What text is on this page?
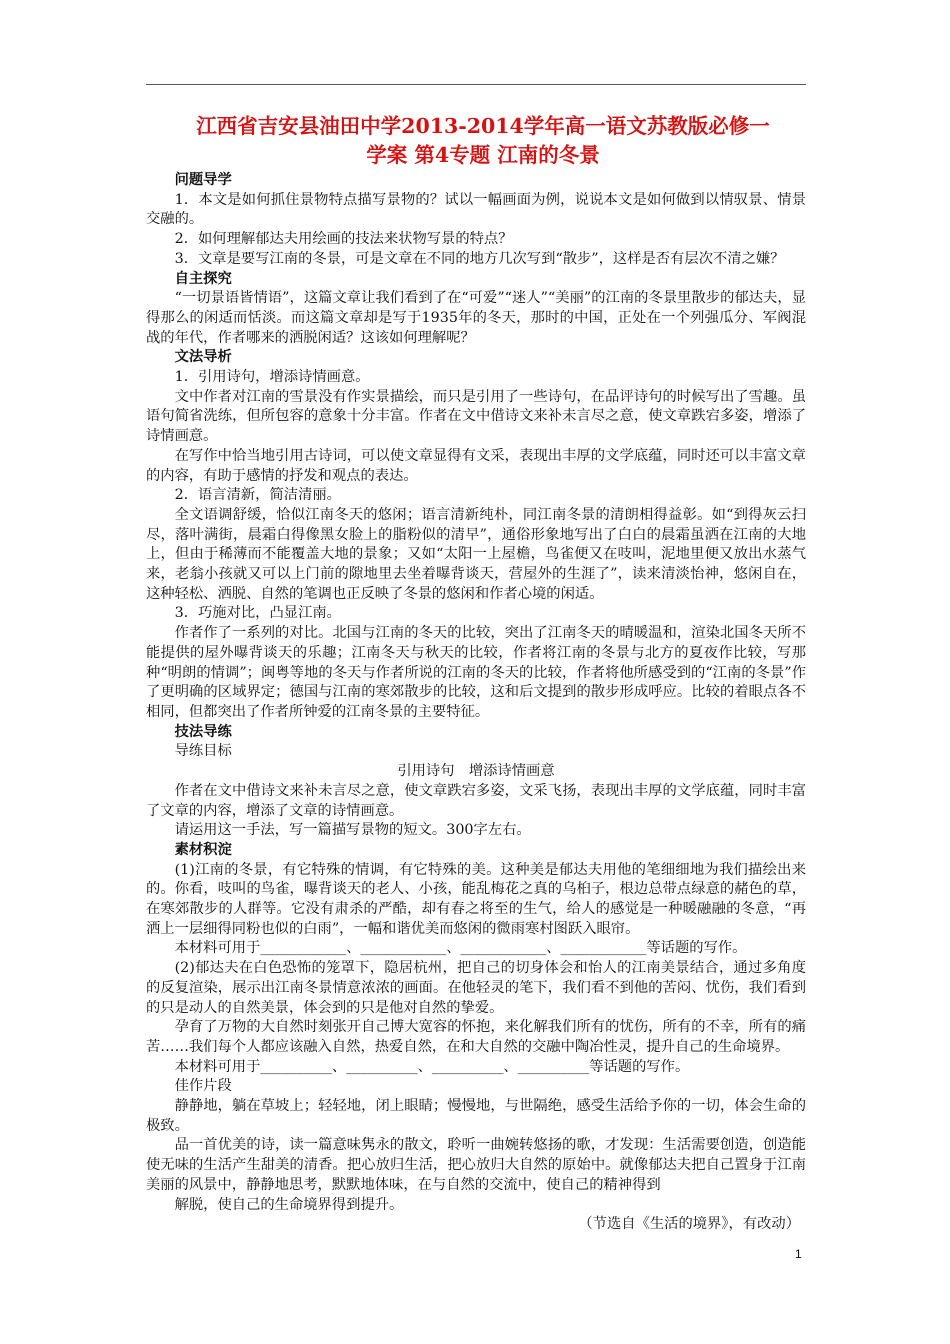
江西省吉安县油田中学2013-2014学年高一语文苏教版必修一
学案 第4专题 江南的冬景

问题导学

1．本文是如何抓住景物特点描写景物的？试以一幅画面为例，说说本文是如何做到以情驭景、情景交融的。

2．如何理解郁达夫用绘画的技法来状物写景的特点？

3．文章是要写江南的冬景，可是文章在不同的地方几次写到“散步”，这样是否有层次不清之嫌？

自主探究

“一切景语皆情语”，这篇文章让我们看到了在“可爱”“迷人”“美丽”的江南的冬景里散步的郁达夫，显得那么的闲适而恬淡。而这篇文章却是写于1935年的冬天，那时的中国，正处在一个列强瓜分、军阀混战的年代，作者哪来的洒脱闲适？这该如何理解呢？

文法导析

1．引用诗句，增添诗情画意。

文中作者对江南的雪景没有作实景描绘，而只是引用了一些诗句，在品评诗句的时候写出了雪趣。虽语句简省洗练，但所包容的意象十分丰富。作者在文中借诗文来补未言尽之意，使文章跌宕多姿，增添了诗情画意。

在写作中恰当地引用古诗词，可以使文章显得有文采，表现出丰厚的文学底蕴，同时还可以丰富文章的内容，有助于感情的抒发和观点的表达。

2．语言清新，简洁清丽。

全文语调舒缓，恰似江南冬天的悠闲；语言清新纯朴，同江南冬景的清朗相得益彰。如“到得灰云扫尽，落叶满街，晨霜白得像黑女脸上的脂粉似的清早”，通俗形象地写出了白白的晨霜虽洒在江南的大地上，但由于稀薄而不能覆盖大地的景象；又如“太阳一上屋檐，鸟雀便又在吱叫，泥地里便又放出水蒸气来，老翁小孩就又可以上门前的隙地里去坐着曝背谈天，营屋外的生涯了”，读来清淡怡神，悠闲自在，这种轻松、洒脱、自然的笔调也正反映了冬景的悠闲和作者心境的闲适。

3．巧施对比，凸显江南。

作者作了一系列的对比。北国与江南的冬天的比较，突出了江南冬天的晴暖温和，渲染北国冬天所不能提供的屋外曝背谈天的乐趣；江南冬天与秋天的比较，作者将江南的冬景与北方的夏夜作比较，写那种“明朗的情调”；闽粤等地的冬天与作者所说的江南的冬天的比较，作者将他所感受到的“江南的冬景”作了更明确的区域界定；德国与江南的寒郊散步的比较，这和后文提到的散步形成呼应。比较的着眼点各不相同，但都突出了作者所钟爱的江南冬景的主要特征。

技法导练

导练目标

引用诗句　增添诗情画意

作者在文中借诗文来补未言尽之意，使文章跌宕多姿，文采飞扬，表现出丰厚的文学底蕴，同时丰富了文章的内容，增添了文章的诗情画意。

请运用这一手法，写一篇描写景物的短文。300字左右。

素材积淀

(1)江南的冬景，有它特殊的情调，有它特殊的美。这种美是郁达夫用他的笔细细地为我们描绘出来的。你看，吱叫的鸟雀，曝背谈天的老人、小孩，能乱梅花之真的乌桕子，根边总带点绿意的赭色的草，在寒郊散步的人群等。它没有肃杀的严酷，却有春之将至的生气，给人的感觉是一种暖融融的冬意，“再洒上一层细得同粉也似的白雨”，一幅和谐优美而悠闲的微雨寒村图跃入眼帘。

本材料可用于____________、____________、____________、____________等话题的写作。

(2)郁达夫在白色恐怖的笼罩下，隐居杭州，把自己的切身体会和怡人的江南美景结合，通过多角度的反复渲染，展示出江南冬景情意浓浓的画面。在他轻灵的笔下，我们看不到他的苦闷、忧伤，我们看到的只是动人的自然美景，体会到的只是他对自然的挚爱。

孕育了万物的大自然时刻张开自己博大宽容的怀抱，来化解我们所有的忧伤，所有的不幸，所有的痛苦……我们每个人都应该融入自然，热爱自然，在和大自然的交融中陶冶性灵，提升自己的生命境界。

本材料可用于__________、__________、__________、__________等话题的写作。

佳作片段

静静地，躺在草坡上；轻轻地，闭上眼睛；慢慢地，与世隔绝，感受生活给予你的一切，体会生命的极致。

品一首优美的诗，读一篇意味隽永的散文，聆听一曲婉转悠扬的歌，才发现：生活需要创造，创造能使无味的生活产生甜美的清香。把心放归生活，把心放归大自然的原始中。就像郁达夫把自己置身于江南美丽的风景中，静静地思考，默默地体味，在与自然的交流中，使自己的精神得到

解脱，使自己的生命境界得到提升。

（节选自《生活的境界》，有改动）

1
